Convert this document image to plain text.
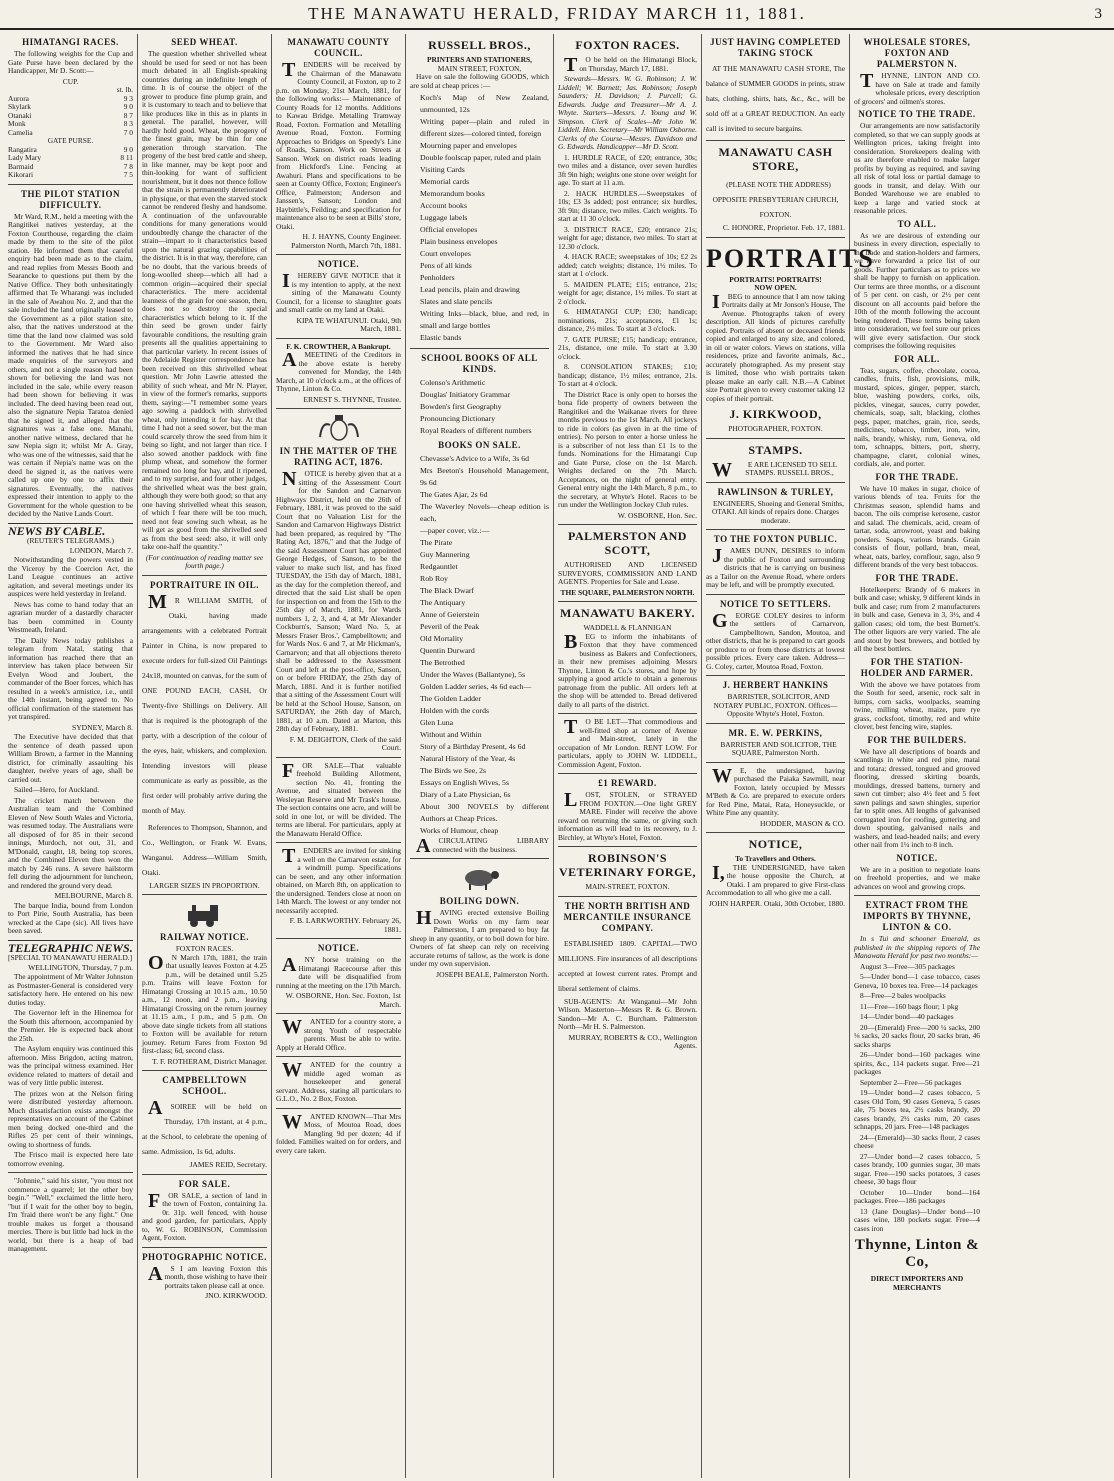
THE MANAWATU HERALD, FRIDAY MARCH 11, 1881.	3
HIMATANGI RACES.

The following weights for the Cup and Gate Purse have been declared by the Handicapper, Mr D. Scott:—

CUP.
	st. lb.
Aurora	9 3
Skylark	9 0
Otanaki	8 7
Monk	8 3
Camelia	7 0
GATE PURSE.
Rangatira	9 0
Lady Mary	8 11
Barmaid	7 8
Kikorari	7 5
THE PILOT STATION DIFFICULTY.

Mr Ward, R.M., held a meeting with the Rangitikei natives yesterday, at the Foxton Courthouse, regarding the claim made by them to the site of the pilot station. He informed them that careful enquiry had been made as to the claim, and read replies from Messrs Booth and Searancke to questions put them by the Native Office. They both unhesitatingly affirmed that Te Wharangi was included in the sale of Awahou No. 2, and that the sale included the land originally leased to the Government as a pilot station site, also, that the natives understood at the time that the land now claimed was sold to the Government. Mr Ward also informed the natives that he had since made enquiries of the surveyors and others, and not a single reason had been shown for believing the land was not included in the sale, while every reason had been shown for believing it was included. The deed having been read out, also the signature Nepia Taratoa denied that he signed it, and alleged that the signatures was a false one. Manahi, another native witness, declared that he saw Nepia sign it; whilst Mr A. Gray, who was one of the witnesses, said that he was certain if Nepia's name was on the deed he signed it, as the natives were called up one by one to affix their signatures. Eventually, the natives expressed their intention to apply to the Government for the whole question to be decided by the Native Lands Court.

NEWS BY CABLE.
(REUTER'S TELEGRAMS.)
LONDON, March 7.

Notwithstanding the powers vested in the Viceroy by the Coercion Act, the Land League continues an active agitation, and several meetings under its auspices were held yesterday in Ireland.

News has come to hand today that an agrarian murder of a dastardly character has been committed in County Westmeath, Ireland.

The Daily News today publishes a telegram from Natal, stating that information has reached there that an interview has taken place between Sir Evelyn Wood and Joubert, the commander of the Boer forces, which has resulted in a week's armistice, i.e., until the 14th instant, being agreed to. No official confirmation of the statement has yet transpired.

SYDNEY, March 8.

The Executive have decided that that the sentence of death passed upon William Brown, a farmer in the Manning district, for criminally assaulting his daughter, twelve years of age, shall be carried out.

Sailed—Hero, for Auckland.

The cricket match between the Australian team and the Combined Eleven of New South Wales and Victoria, was resumed today. The Australians were all disposed of for 85 in their second innings, Murdoch, not out, 31, and M'Donald, caught, 18, being top scores, and the Combined Eleven then won the match by 246 runs. A severe hailstorm fell during the adjournment for luncheon, and rendered the ground very dead.

MELBOURNE, March 8.

The barque India, bound from London to Port Pirie, South Australia, has been wrecked at the Cape (sic). All lives have been saved.

TELEGRAPHIC NEWS.
[SPECIAL TO MANAWATU HERALD.]
WELLINGTON, Thursday, 7 p.m.

The appointment of Mr Walter Johnston as Postmaster-General is considered very satisfactory here. He entered on his new duties today.

The Governor left in the Hinemoa for the South this afternoon, accompanied by the Premier. He is expected back about the 25th.

The Asylum enquiry was continued this afternoon. Miss Brigdon, acting matron, was the principal witness examined. Her evidence related to matters of detail and was of very little public interest.

The prizes won at the Nelson firing were distributed yesterday afternoon. Much dissatisfaction exists amongst the representatives on account of the Cabinet men being docked one-third and the Rifles 25 per cent of their winnings, owing to shortness of funds.

The Frisco mail is expected here late tomorrow evening.

"Johnnie," said his sister, "you must not commence a quarrel; let the other boy begin." "Well," exclaimed the little hero, "but if I wait for the other boy to begin, I'm 'fraid there won't be any fight." One trouble makes us forget a thousand mercies. There is but little bad luck in the world, but there is a heap of bad management.

SEED WHEAT.

The question whether shrivelled wheat should be used for seed or not has been much debated in all English-speaking countries during an indefinite length of time. It is of course the object of the grower to produce fine plump grain, and it is customary to teach and to believe that like produces like in this as in plants in general. The parallel, however, will hardly hold good. Wheat, the progeny of the finest grain, may be thin for one generation through starvation. The progeny of the best bred cattle and sheep, in like manner, may be kept poor and thin-looking for want of sufficient nourishment, but it does not thence follow that the strain is permanently deteriorated in physique, or that even the starved stock cannot be rendered fleshy and handsome. A continuation of the unfavourable conditions for many generations would undoubtedly change the character of the strain—impart to it characteristics based upon the natural grazing capabilities of the district. It is in that way, therefore, can be no doubt, that the various breeds of long-woolled sheep—which all had a common origin—acquired their special characteristics. The mere accidental leanness of the grain for one season, then, does not so destroy the special characteristics which belong to it. If the thin seed be grown under fairly favourable conditions, the resulting grain presents all the qualities appertaining to that particular variety. In recent issues of the Adelaide Register correspondence has been received on this shrivelled wheat question. Mr John Lawrie attested the ability of such wheat, and Mr N. Player, in view of the former's remarks, supports them, saying:—"I remember some years ago sowing a paddock with shrivelled wheat, only intending it for hay. At that time I had not a seed sower, but the man could scarcely throw the seed from him it being so light, and not larger than rice. I also sowed another paddock with fine plump wheat, and somehow the former remained too long for hay, and it ripened, and to my surprise, and four other judges, the shrivelled wheat was the best grain, although they were both good; so that any one having shrivelled wheat this season, of which I fear there will be too much, need not fear sowing such wheat, as he will get as good from the shrivelled seed as from the best seed: also, it will only take one-half the quantity."

(For continuation of reading matter see fourth page.)
PORTRAITURE IN OIL.

MR WILLIAM SMITH, of Otaki, having made arrangements with a celebrated Portrait Painter in China, is now prepared to execute orders for full-sized Oil Paintings 24x18, mounted on canvas, for the sum of ONE POUND EACH, CASH, Or Twenty-five Shillings on Delivery. All that is required is the photograph of the party, with a description of the colour of the eyes, hair, whiskers, and complexion. Intending investors will please communicate as early as possible, as the first order will probably arrive during the month of May.

References to Thompson, Shannon, and Co., Wellington, or Frank W. Evans, Wanganui. Address—William Smith, Otaki.

LARGER SIZES IN PROPORTION.
RAILWAY NOTICE.
FOXTON RACES.

ON March 17th, 1881, the train that usually leaves Foxton at 4.25 p.m., will be detained until 5.25 p.m. Trains will leave Foxton for Himatangi Crossing at 10.15 a.m., 10.50 a.m., 12 noon, and 2 p.m., leaving Himatangi Crossing on the return journey at 11.15 a.m., 1 p.m., and 5 p.m. On above date single tickets from all stations to Foxton will be available for return journey. Return Fares from Foxton 9d first-class; 6d, second class.

T. F. ROTHERAM, District Manager.
CAMPBELLTOWN SCHOOL.

ASOIREE will be held on Thursday, 17th instant, at 4 p.m., at the School, to celebrate the opening of same. Admission, 1s 6d, adults.

JAMES REID, Secretary.
FOR SALE.

FOR SALE, a section of land in the town of Foxton, containing 1a. 0r. 31p. well fenced, with house and good garden, for particulars, Apply to, W. G. ROBINSON, Commission Agent, Foxton.

PHOTOGRAPHIC NOTICE.

AS I am leaving Foxton this month, those wishing to have their portraits taken please call at once.

JNO. KIRKWOOD.
MANAWATU COUNTY COUNCIL.

TENDERS will be received by the Chairman of the Manawatu County Council, at Foxton, up to 2 p.m. on Monday, 21st March, 1881, for the following works:— Maintenance of County Roads for 12 months. Additions to Kawau Bridge. Metalling Tramway Road, Foxton. Formation and Metalling Avenue Road, Foxton. Forming Approaches to Bridges on Speedy's Line of Roads, Sanson. Work on Streets at Sanson. Work on district roads leading from Hickford's Line. Fencing at Awahuri. Plans and specifications to be seen at County Office, Foxton; Engineer's Office, Palmerston; Anderson and Janssen's, Sanson; London and Haybittle's, Feilding; and specification for maintenance also to be seen at Bills' store, Otaki.

H. J. HAYNS, County Engineer. Palmerston North, March 7th, 1881.
NOTICE.

IHEREBY GIVE NOTICE that it is my intention to apply, at the next sitting of the Manawatu County Council, for a license to slaughter goats and small cattle on my land at Otaki.

KIPA TE WHATUNUI. Otaki, 9th March, 1881.
F. K. CROWTHER, A Bankrupt.

AMEETING of the Creditors in the above estate is hereby convened for Monday, the 14th March, at 10 o'clock a.m., at the offices of Thynne, Linton & Co.

ERNEST S. THYNNE, Trustee.
IN THE MATTER OF THE RATING ACT, 1876.

NOTICE is hereby given that at a sitting of the Assessment Court for the Sandon and Carnarvon Highways District, held on the 26th of February, 1881, it was proved to the said Court that no Valuation List for the Sandon and Carnarvon Highways District had been prepared, as required by "The Rating Act, 1876," and that the Judge of the said Assessment Court has appointed George Hedges, of Sanson, to be the valuer to make such list, and has fixed TUESDAY, the 15th day of March, 1881, as the day for the completion thereof, and directed that the said List shall be open for inspection on and from the 15th to the 25th day of March, 1881, for Wards numbers 1, 2, 3, and 4, at Mr Alexander Cockburn's, Sanson; Ward No. 5, at Messrs Fraser Bros.', Campbelltown; and for Wards Nos. 6 and 7, at Mr Hickman's, Carnarvon; and that all objections thereto shall be addressed to the Assessment Court and left at the post-office, Sanson, on or before FRIDAY, the 25th day of March, 1881. And it is further notified that a sitting of the Assessment Court will be held at the School House, Sanson, on SATURDAY, the 26th day of March, 1881, at 10 a.m. Dated at Marton, this 28th day of February, 1881.

F. M. DEIGHTON, Clerk of the said Court.

FOR SALE—That valuable freehold Building Allotment, section No. 41, fronting the Avenue, and situated between the Wesleyan Reserve and Mr Trask's house. The section contains one acre, and will be sold in one lot, or will be divided. The terms are liberal. For particulars, apply at the Manawatu Herald Office.

TENDERS are invited for sinking a well on the Carnarvon estate, for a windmill pump. Specifications can be seen, and any other information obtained, on March 8th, on application to the undersigned. Tenders close at noon on 14th March. The lowest or any tender not necessarily accepted.

F. B. LARKWORTHY. February 26, 1881.
NOTICE.

ANY horse training on the Himatangi Racecourse after this date will be disqualified from running at the meeting on the 17th March.

W. OSBORNE, Hon. Sec. Foxton, 1st March.

WANTED for a country store, a strong Youth of respectable parents. Must be able to write. Apply at Herald Office.

WANTED for the country a middle aged woman as housekeeper and general servant. Address, stating all particulars to G.L.O., No. 2 Box, Foxton.

WANTED KNOWN—That Mrs Moss, of Moutoa Road, does Mangling 9d per dozen; 4d if folded. Families waited on for orders, and every care taken.

RUSSELL BROS.,
PRINTERS AND STATIONERS,
MAIN STREET, FOXTON,

Have on sale the following GOODS, which are sold at cheap prices :—

Koch's Map of New Zealand, unmounted, 12s
Writing paper—plain and ruled in different sizes—colored tinted, foreign
Mourning paper and envelopes
Double foolscap paper, ruled and plain
Visiting Cards
Memorial cards
Memorandum books
Account books
Luggage labels
Official envelopes
Plain business envelopes
Court envelopes
Pens of all kinds
Penholders
Lead pencils, plain and drawing
Slates and slate pencils
Writing Inks—black, blue, and red, in small and large bottles
Elastic bands
SCHOOL BOOKS OF ALL KINDS.
Colenso's Arithmetic
Douglas' Initiatory Grammar
Bowden's first Geography
Pronouncing Dictionary
Royal Readers of different numbers
BOOKS ON SALE.
Chevasse's Advice to a Wife, 3s 6d
Mrs Beeton's Household Management, 9s 6d
The Gates Ajar, 2s 6d
The Waverley Novels—cheap edition is each,
—paper cover, viz.:—
The Pirate
Guy Mannering
Redgauntlet
Rob Roy
The Black Dwarf
The Antiquary
Anne of Geierstein
Peveril of the Peak
Old Mortality
Quentin Durward
The Betrothed
Under the Waves (Ballantyne), 5s
Golden Ladder series, 4s 6d each—
The Golden Ladder
Holden with the cords
Glen Luna
Without and Within
Story of a Birthday Present, 4s 6d
Natural History of the Year, 4s
The Birds we See, 2s
Essays on English Wives, 5s
Diary of a Late Physician, 6s
About 300 NOVELS by different Authors at Cheap Prices.
Works of Humour, cheap

ACIRCULATING LIBRARY connected with the business.

BOILING DOWN.

HAVING erected extensive Boiling Down Works on my farm near Palmerston, I am prepared to buy fat sheep in any quantity, or to boil down for hire. Owners of fat sheep can rely on receiving accurate returns of tallow, as the work is done under my own supervision.

JOSEPH BEALE, Palmerston North.
FOXTON RACES.

TO be held on the Himatangi Block, on Thursday, March 17, 1881.

Stewards—Messrs. W. G. Robinson; J. W. Liddell; W. Barnett; Jas. Robinson; Joseph Saunders; H. Davidson; J. Purcell; G. Edwards. Judge and Treasurer—Mr A. J. Whyte. Starters—Messrs. J. Young and W. Simpson. Clerk of Scales—Mr John W. Liddell. Hon. Secretary—Mr William Osborne. Clerks of the Course—Messrs. Davidson and G. Edwards. Handicapper—Mr D. Scott.

1. HURDLE RACE, of £20; entrance, 30s; two miles and a distance, over seven hurdles 3ft 9in high; weights one stone over weight for age. To start at 11 a.m.

2. HACK HURDLES.—Sweepstakes of 10s; £3 3s added; post entrance; six hurdles, 3ft 9in; distance, two miles. Catch weights. To start at 11 30 o'clock.

3. DISTRICT RACE, £20; entrance 21s; weight for age; distance, two miles. To start at 12.30 o'clock.

4. HACK RACE; sweepstakes of 10s; £2 2s added; catch weights; distance, 1½ miles. To start at 1 o'clock.

5. MAIDEN PLATE; £15; entrance, 21s; weight for age; distance, 1½ miles. To start at 2 o'clock.

6. HIMATANGI CUP; £30; handicap; nominations, 21s; acceptances, £1 1s; distance, 2½ miles. To start at 3 o'clock.

7. GATE PURSE; £15; handicap; entrance, 21s, distance, one mile. To start at 3.30 o'clock.

8. CONSOLATION STAKES; £10; handicap; distance, 1½ miles; entrance, 21s. To start at 4 o'clock.

The District Race is only open to horses the bona fide property of owners between the Rangitikei and the Waikanae rivers for three months previous to the 1st March. All jockeys to ride in colors (as given in at the time of entries). No person to enter a horse unless he is a subscriber of not less than £1 1s to the funds. Nominations for the Himatangi Cup and Gate Purse, close on the 1st March. Weights declared on the 7th March. Acceptances, on the night of general entry. General entry night the 14th March, 8 p.m., to the secretary, at Whyte's Hotel. Races to be run under the Wellington Jockey Club rules.

W. OSBORNE, Hon. Sec.
PALMERSTON AND SCOTT,

AUTHORISED AND LICENSED SURVEYORS, COMMISSION AND LAND AGENTS. Properties for Sale and Lease.

THE SQUARE, PALMERSTON NORTH.
MANAWATU BAKERY.
WADDELL & FLANNIGAN

BEG to inform the inhabitants of Foxton that they have commenced business as Bakers and Confectioners, in their new premises adjoining Messrs Thynne, Linton & Co.'s stores, and hope by supplying a good article to obtain a generous patronage from the public. All orders left at the shop will be attended to. Bread delivered daily to all parts of the district.

TO BE LET—That commodious and well-fitted shop at corner of Avenue and Main-street, lately in the occupation of Mr London. RENT LOW. For particulars, apply to JOHN W. LIDDELL, Commission Agent, Foxton.

£1 REWARD.

LOST, STOLEN, or STRAYED FROM FOXTON.—One light GREY MARE. Finder will receive the above reward on returning the same, or giving such information as will lead to its recovery, to J. Birchley, at Whyte's Hotel, Foxton.

ROBINSON'S VETERINARY FORGE,
MAIN-STREET, FOXTON.
THE NORTH BRITISH AND MERCANTILE INSURANCE COMPANY.

ESTABLISHED 1809. CAPITAL—TWO MILLIONS. Fire insurances of all descriptions accepted at lowest current rates. Prompt and liberal settlement of claims.

SUB-AGENTS: At Wanganui—Mr John Wilson. Masterton—Messrs R. & G. Brown. Sandon—Mr A. C. Burcham. Palmerston North—Mr H. S. Palmerston.

MURRAY, ROBERTS & CO., Wellington Agents.
JUST HAVING COMPLETED TAKING STOCK

AT THE MANAWATU CASH STORE, The balance of SUMMER GOODS in prints, straw hats, clothing, shirts, hats, &c., &c., will be sold off at a GREAT REDUCTION. An early call is invited to secure bargains.

MANAWATU CASH STORE,

(PLEASE NOTE THE ADDRESS) OPPOSITE PRESBYTERIAN CHURCH, FOXTON.

C. HONORE, Proprietor. Feb. 17, 1881.
PORTRAITS
PORTRAITS! PORTRAITS!
NOW OPEN.

IBEG to announce that I am now taking Portraits daily at Mr Jonson's House, The Avenue. Photographs taken of every description. All kinds of pictures carefully copied. Portraits of absent or deceased friends copied and enlarged to any size, and colored, in oil or water colors. Views on stations, villa residences, prize and favorite animals, &c., accurately photographed. As my present stay is limited, those who wish portraits taken please make an early call. N.B.—A Cabinet size Portrait given to every customer taking 12 copies of their portrait.

J. KIRKWOOD,
PHOTOGRAPHER, FOXTON.
STAMPS.

WE ARE LICENSED TO SELL STAMPS. RUSSELL BROS.,

RAWLINSON & TURLEY,

ENGINEERS, Shoeing and General Smiths, OTAKI. All kinds of repairs done. Charges moderate.

TO THE FOXTON PUBLIC.

JAMES DUNN, DESIRES to inform the public of Foxton and surrounding districts that he is carrying on business as a Tailor on the Avenue Road, where orders may be left, and will be promptly executed.

NOTICE TO SETTLERS.

GEORGE COLEY desires to inform the settlers of Carnarvon, Campbelltown, Sandon, Moutoa, and other districts, that he is prepared to cart goods or produce to or from those districts at lowest possible prices. Every care taken. Address—G. Coley, carter, Moutoa Road, Foxton.

J. HERBERT HANKINS

BARRISTER, SOLICITOR, AND NOTARY PUBLIC, FOXTON. Offices—Opposite Whyte's Hotel, Foxton.

MR. E. W. PERKINS,

BARRISTER AND SOLICITOR, THE SQUARE, Palmerston North.

WE, the undersigned, having purchased the Paiaka Sawmill, near Foxton, lately occupied by Messrs M'Beth & Co. are prepared to execute orders for Red Pine, Matai, Rata, Honeysuckle, or White Pine any quantity.

HODDER, MASON & CO.
NOTICE,
To Travellers and Others.

I,THE UNDERSIGNED, have taken the house opposite the Church, at Otaki. I am prepared to give First-class Accommodation to all who give me a call.

JOHN HARPER. Otaki, 30th October, 1880.
WHOLESALE STORES, FOXTON AND PALMERSTON N.

THYNNE, LINTON AND CO. have on Sale at trade and family wholesale prices, every description of grocers' and oilmen's stores.

NOTICE TO THE TRADE.

Our arrangements are now satisfactorily completed, so that we can supply goods at Wellington prices, taking freight into consideration. Storekeepers dealing with us are therefore enabled to make larger profits by buying as required, and saving all risk of total loss or partial damage to goods in transit, and delay. With our Bonded Warehouse we are enabled to keep a large and varied stock at reasonable prices.

TO ALL.

As we are desirous of extending our business in every direction, especially to the trade and station-holders and farmers, we have forwarded a price list of our goods. Further particulars as to prices we shall be happy to furnish on application. Our terms are three months, or a discount of 5 per cent. on cash, or 2½ per cent discount on all accounts paid before the 10th of the month following the account being rendered. These terms being taken into consideration, we feel sure our prices will give every satisfaction. Our stock comprises the following requisites

FOR ALL.

Teas, sugars, coffee, chocolate, cocoa, candles, fruits, fish, provisions, milk, mustard, spices, ginger, pepper, starch, blue, washing powders, corks, oils, pickles, vinegar, sauces, curry powder, chemicals, soap, salt, blacking, clothes pegs, paper, matches, grain, rice, seeds, medicines, tobacco, timber, iron, wire, nails, brandy, whisky, rum, Geneva, old tom, schnapps, bitters, port, sherry, champagne, claret, colonial wines, cordials, ale, and porter.

FOR THE TRADE.

We have 10 makes in sugar, choice of various blends of tea. Fruits for the Christmas season, splendid hams and bacon. The oils comprise kerosene, castor and salad. The chemicals, acid, cream of tartar, soda, arrowroot, yeast and baking powders. Soaps, various brands. Grain consists of flour, pollard, bran, meal, wheat, oats, barley, cornflour, sago, also 9 different brands of the very best tobaccos.

FOR THE TRADE.

Hotelkeepers: Brandy of 6 makers in bulk and case; whisky, 9 different kinds in bulk and case; rum from 2 manufacturers in bulk and case, Geneva in 3, 3½, and 4 gallon cases; old tom, the best Burnett's. The other liquors are very varied. The ale and stout by best brewers, and bottled by all the best bottlers.

FOR THE STATION-HOLDER AND FARMER.

With the above we have potatoes from the South for seed, arsenic, rock salt in lumps, corn sacks, woolpacks, seaming twine, milling wheat, maize, pure rye grass, cocksfoot, timothy, red and white clover, best fencing wire, staples.

FOR THE BUILDERS.

We have all descriptions of boards and scantlings in white and red pine, matai and totara; dressed, tongued and grooved flooring, dressed skirting boards, mouldings, dressed battens, turnery and sawn cut timber; also 4½ feet and 5 feet sawn palings and sawn shingles, superior far to split ones. All lengths of galvanised corrugated iron for roofing, guttering and down spouting, galvanised nails and washers, and lead-headed nails; and every other nail from 1¼ inch to 8 inch.

NOTICE.

We are in a position to negotiate loans on freehold properties, and we make advances on wool and growing crops.

EXTRACT FROM THE IMPORTS BY THYNNE, LINTON & CO.

In s Tui and schooner Emerald, as published in the shipping reports of The Manawatu Herald for past two months:—

August 3—Free—305 packages

5—Under bond—1 case tobacco, cases Geneva, 10 boxes tea. Free—14 packages

8—Free—2 bales woolpacks

11—Free—160 bags flour; 1 pkg

14—Under bond—40 packages

20—(Emerald) Free—200 ¼ sacks, 200 ⅛ sacks, 20 sacks flour, 20 sacks bran, 46 sacks sharps

26—Under bond—160 packages wine spirits, &c., 114 packets sugar. Free—21 packages

September 2—Free—56 packages

19—Under bond—2 cases tobacco, 5 cases Old Tom, 90 cases Geneva, 5 cases ale, 75 boxes tea, 2½ casks brandy, 20 cases brandy, 2½ casks rum, 20 cases schnapps, 20 jars. Free—148 packages

24—(Emerald)—30 sacks flour, 2 cases cheese

27—Under bond—2 cases tobacco, 5 cases brandy, 100 gunnies sugar, 30 mats sugar. Free—190 sacks potatoes, 3 cases cheese, 30 bags flour

October 10—Under bond—164 packages. Free—186 packages

13 (Jane Douglas)—Under bond—10 cases wine, 180 pockets sugar. Free—4 cases iron

Thynne, Linton & Co,
DIRECT IMPORTERS AND MERCHANTS
